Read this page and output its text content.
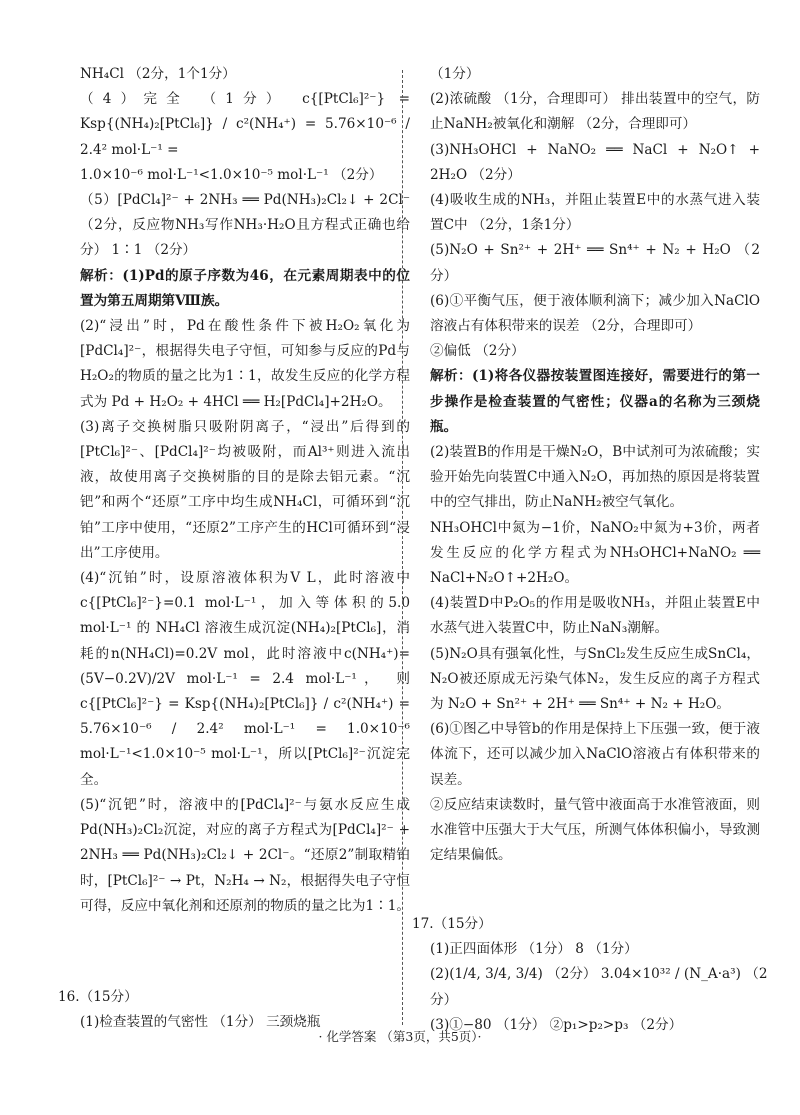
NH₄Cl （2分，1个1分）

（4）完全 （1分） c{[PtCl₆]²⁻} = Ksp{(NH₄)₂[PtCl₆]} / c²(NH₄⁺) = 5.76×10⁻⁶ / 2.4² mol·L⁻¹ =

1.0×10⁻⁶ mol·L⁻¹<1.0×10⁻⁵ mol·L⁻¹ （2分）

（5）[PdCl₄]²⁻ + 2NH₃ ══ Pd(NH₃)₂Cl₂↓ + 2Cl⁻ （2分，反应物NH₃写作NH₃·H₂O且方程式正确也给分） 1∶1 （2分）

解析：(1)Pd的原子序数为46，在元素周期表中的位置为第五周期第Ⅷ族。

(2)“浸出”时，Pd在酸性条件下被H₂O₂氧化为[PdCl₄]²⁻，根据得失电子守恒，可知参与反应的Pd与H₂O₂的物质的量之比为1∶1，故发生反应的化学方程式为 Pd + H₂O₂ + 4HCl ══ H₂[PdCl₄]+2H₂O。

(3)离子交换树脂只吸附阴离子，“浸出”后得到的[PtCl₆]²⁻、[PdCl₄]²⁻均被吸附，而Al³⁺则进入流出液，故使用离子交换树脂的目的是除去铝元素。“沉钯”和两个“还原”工序中均生成NH₄Cl，可循环到“沉铂”工序中使用，“还原2”工序产生的HCl可循环到“浸出”工序使用。

(4)“沉铂”时，设原溶液体积为V L，此时溶液中c{[PtCl₆]²⁻}=0.1 mol·L⁻¹，加入等体积的5.0 mol·L⁻¹ 的 NH₄Cl 溶液生成沉淀(NH₄)₂[PtCl₆]，消耗的n(NH₄Cl)=0.2V mol，此时溶液中c(NH₄⁺)= (5V−0.2V)/2V mol·L⁻¹ = 2.4 mol·L⁻¹， 则 c{[PtCl₆]²⁻} = Ksp{(NH₄)₂[PtCl₆]} / c²(NH₄⁺) = 5.76×10⁻⁶ / 2.4² mol·L⁻¹ = 1.0×10⁻⁶ mol·L⁻¹<1.0×10⁻⁵ mol·L⁻¹，所以[PtCl₆]²⁻沉淀完全。

(5)“沉钯”时，溶液中的[PdCl₄]²⁻与氨水反应生成Pd(NH₃)₂Cl₂沉淀，对应的离子方程式为[PdCl₄]²⁻ + 2NH₃ ══ Pd(NH₃)₂Cl₂↓ + 2Cl⁻。“还原2”制取精铂时，[PtCl₆]²⁻ → Pt，N₂H₄ → N₂，根据得失电子守恒可得，反应中氧化剂和还原剂的物质的量之比为1∶1。

16.（15分）
(1)检查装置的气密性 （1分） 三颈烧瓶

（1分）

(2)浓硫酸 （1分，合理即可） 排出装置中的空气，防止NaNH₂被氧化和潮解 （2分，合理即可）

(3)NH₃OHCl + NaNO₂ ══ NaCl + N₂O↑ + 2H₂O （2分）

(4)吸收生成的NH₃，并阻止装置E中的水蒸气进入装置C中 （2分，1条1分）

(5)N₂O + Sn²⁺ + 2H⁺ ══ Sn⁴⁺ + N₂ + H₂O （2分）

(6)①平衡气压，便于液体顺利滴下；减少加入NaClO溶液占有体积带来的误差 （2分，合理即可）

②偏低 （2分）

解析：(1)将各仪器按装置图连接好，需要进行的第一步操作是检查装置的气密性；仪器a的名称为三颈烧瓶。

(2)装置B的作用是干燥N₂O，B中试剂可为浓硫酸；实验开始先向装置C中通入N₂O，再加热的原因是将装置中的空气排出，防止NaNH₂被空气氧化。

NH₃OHCl中氮为−1价，NaNO₂中氮为+3价，两者发生反应的化学方程式为NH₃OHCl+NaNO₂ ══ NaCl+N₂O↑+2H₂O。

(4)装置D中P₂O₅的作用是吸收NH₃，并阻止装置E中水蒸气进入装置C中，防止NaN₃潮解。

(5)N₂O具有强氧化性，与SnCl₂发生反应生成SnCl₄，N₂O被还原成无污染气体N₂，发生反应的离子方程式为 N₂O + Sn²⁺ + 2H⁺ ══ Sn⁴⁺ + N₂ + H₂O。

(6)①图乙中导管b的作用是保持上下压强一致，便于液体流下，还可以减少加入NaClO溶液占有体积带来的误差。

②反应结束读数时，量气管中液面高于水准管液面，则水准管中压强大于大气压，所测气体体积偏小，导致测定结果偏低。

17.（15分）
(1)正四面体形 （1分） 8 （1分）
(2)(1/4, 3/4, 3/4) （2分） 3.04×10³² / (N_A·a³) （2分）
(3)①−80 （1分） ②p₁>p₂>p₃ （2分）
· 化学答案 （第3页，共5页）·
